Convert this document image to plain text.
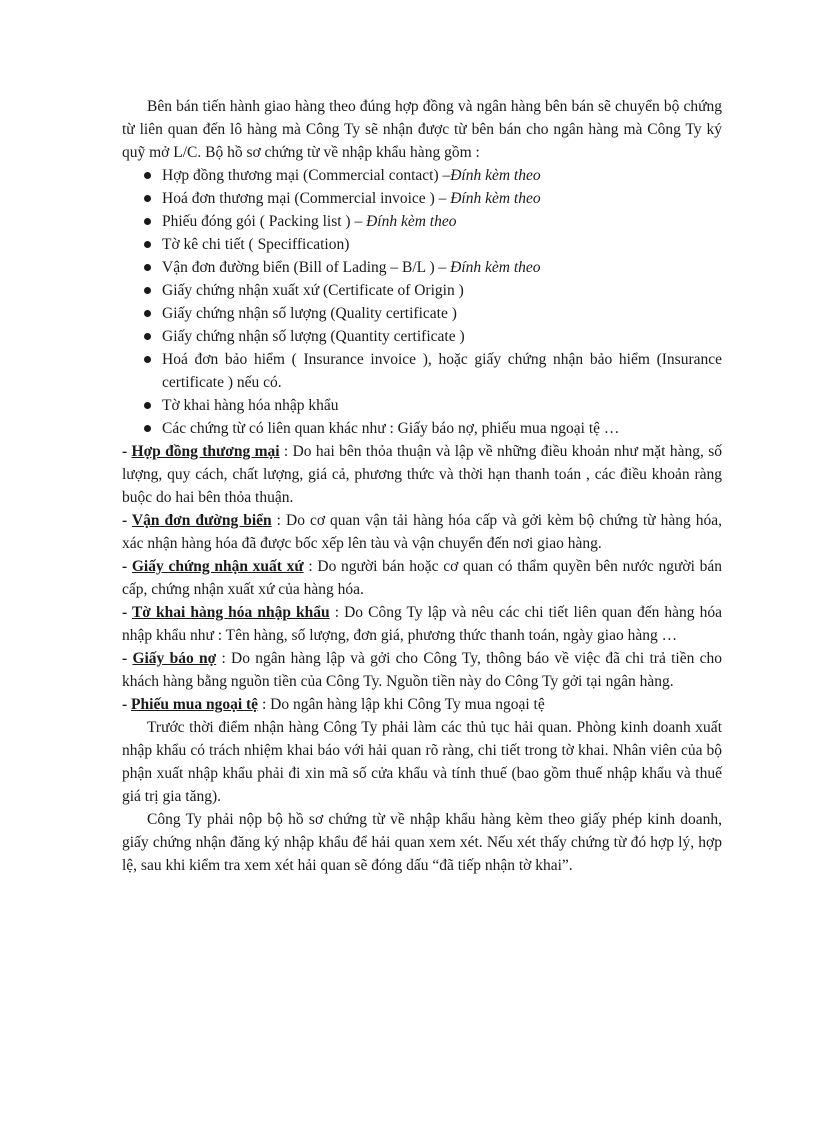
Bên bán tiến hành giao hàng theo đúng hợp đồng và ngân hàng bên bán sẽ chuyển bộ chứng từ liên quan đến lô hàng mà Công Ty sẽ nhận được từ bên bán cho ngân hàng mà Công Ty ký quỹ mở L/C. Bộ hồ sơ chứng từ về nhập khẩu hàng gồm :

Hợp đồng thương mại (Commercial contact) –Đính kèm theo
Hoá đơn thương mại (Commercial invoice ) – Đính kèm theo
Phiếu đóng gói ( Packing list ) – Đính kèm theo
Tờ kê chi tiết ( Speciffication)
Vận đơn đường biển (Bill of Lading – B/L ) – Đính kèm theo
Giấy chứng nhận xuất xứ (Certificate of Origin )
Giấy chứng nhận số lượng (Quality certificate )
Giấy chứng nhận số lượng (Quantity certificate )
Hoá đơn bảo hiểm ( Insurance invoice ), hoặc giấy chứng nhận bảo hiểm (Insurance certificate ) nếu có.
Tờ khai hàng hóa nhập khẩu
Các chứng từ có liên quan khác như : Giấy báo nợ, phiếu mua ngoại tệ …

- Hợp đồng thương mại : Do hai bên thỏa thuận và lập về những điều khoản như mặt hàng, số lượng, quy cách, chất lượng, giá cả, phương thức và thời hạn thanh toán , các điều khoản ràng buộc do hai bên thỏa thuận.

- Vận đơn đường biển : Do cơ quan vận tải hàng hóa cấp và gởi kèm bộ chứng từ hàng hóa, xác nhận hàng hóa đã được bốc xếp lên tàu và vận chuyển đến nơi giao hàng.

- Giấy chứng nhận xuất xứ : Do người bán hoặc cơ quan có thẩm quyền bên nước người bán cấp, chứng nhận xuất xứ của hàng hóa.

- Tờ khai hàng hóa nhập khẩu : Do Công Ty lập và nêu các chi tiết liên quan đến hàng hóa nhập khẩu như : Tên hàng, số lượng, đơn giá, phương thức thanh toán, ngày giao hàng …

- Giấy báo nợ : Do ngân hàng lập và gởi cho Công Ty, thông báo về việc đã chi trả tiền cho khách hàng bằng nguồn tiền của Công Ty. Nguồn tiền này do Công Ty gởi tại ngân hàng.

- Phiếu mua ngoại tệ : Do ngân hàng lập khi Công Ty mua ngoại tệ

Trước thời điểm nhận hàng Công Ty phải làm các thủ tục hải quan. Phòng kinh doanh xuất nhập khẩu có trách nhiệm khai báo với hải quan rõ ràng, chi tiết trong tờ khai. Nhân viên của bộ phận xuất nhập khẩu phải đi xin mã số cửa khẩu và tính thuế (bao gồm thuế nhập khẩu và thuế giá trị gia tăng).

Công Ty phải nộp bộ hồ sơ chứng từ về nhập khẩu hàng kèm theo giấy phép kinh doanh, giấy chứng nhận đăng ký nhập khẩu để hải quan xem xét. Nếu xét thấy chứng từ đó hợp lý, hợp lệ, sau khi kiểm tra xem xét hải quan sẽ đóng dấu “đã tiếp nhận tờ khai”.
